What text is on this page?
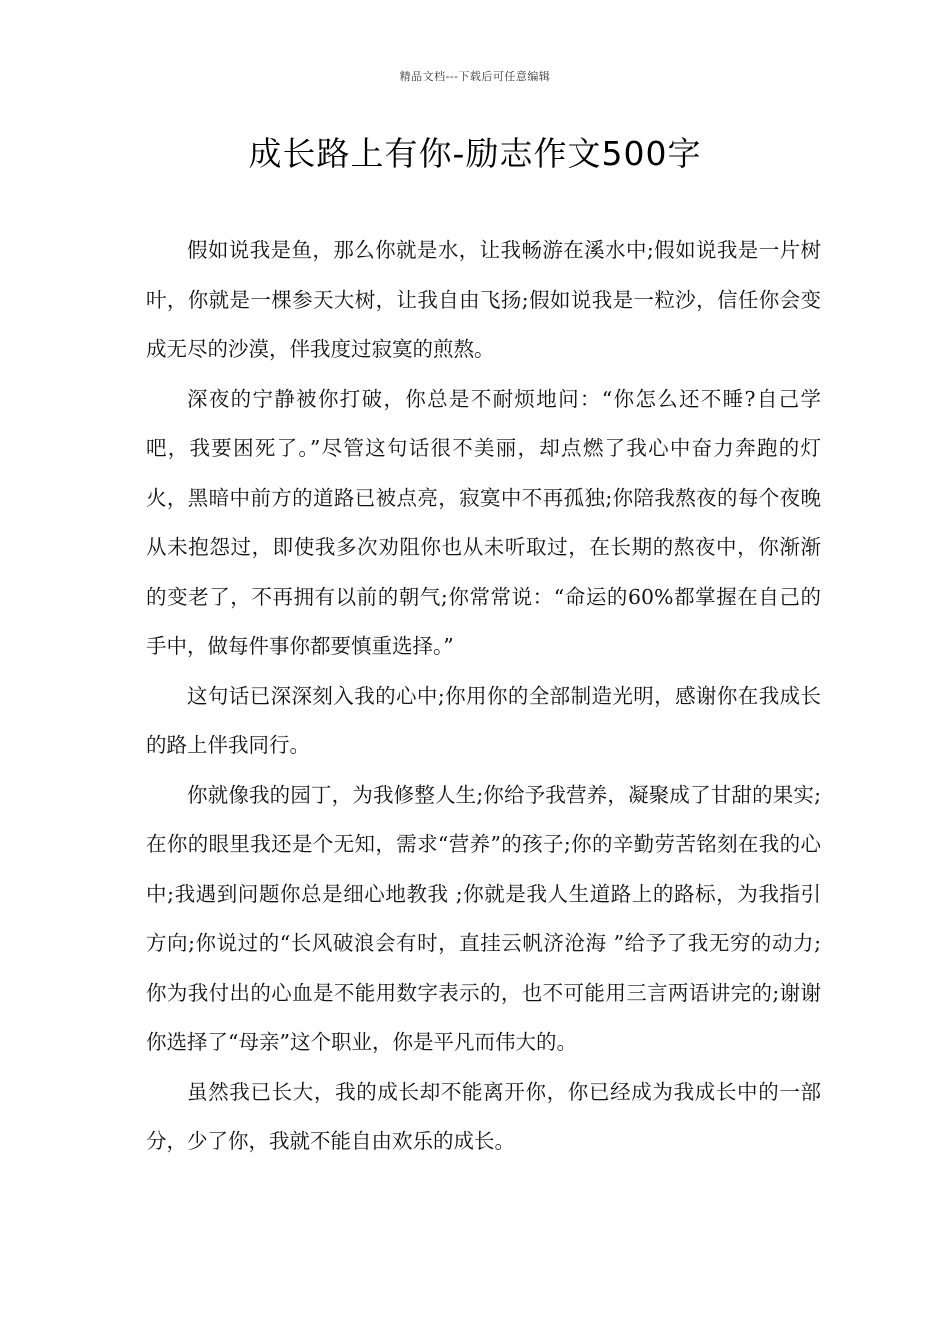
精品文档---下载后可任意编辑
成长路上有你-励志作文500字

假如说我是鱼，那么你就是水，让我畅游在溪水中;假如说我是一片树叶，你就是一棵参天大树，让我自由飞扬;假如说我是一粒沙，信任你会变成无尽的沙漠，伴我度过寂寞的煎熬。

深夜的宁静被你打破，你总是不耐烦地问：“你怎么还不睡?自己学吧，我要困死了。”尽管这句话很不美丽，却点燃了我心中奋力奔跑的灯火，黑暗中前方的道路已被点亮，寂寞中不再孤独;你陪我熬夜的每个夜晚从未抱怨过，即使我多次劝阻你也从未听取过，在长期的熬夜中，你渐渐的变老了，不再拥有以前的朝气;你常常说：“命运的60%都掌握在自己的手中，做每件事你都要慎重选择。”

这句话已深深刻入我的心中;你用你的全部制造光明，感谢你在我成长的路上伴我同行。

你就像我的园丁，为我修整人生;你给予我营养，凝聚成了甘甜的果实;在你的眼里我还是个无知，需求“营养”的孩子;你的辛勤劳苦铭刻在我的心中;我遇到问题你总是细心地教我 ;你就是我人生道路上的路标，为我指引方向;你说过的“长风破浪会有时，直挂云帆济沧海 ”给予了我无穷的动力;你为我付出的心血是不能用数字表示的，也不可能用三言两语讲完的;谢谢你选择了“母亲”这个职业，你是平凡而伟大的。

虽然我已长大，我的成长却不能离开你，你已经成为我成长中的一部分，少了你，我就不能自由欢乐的成长。
